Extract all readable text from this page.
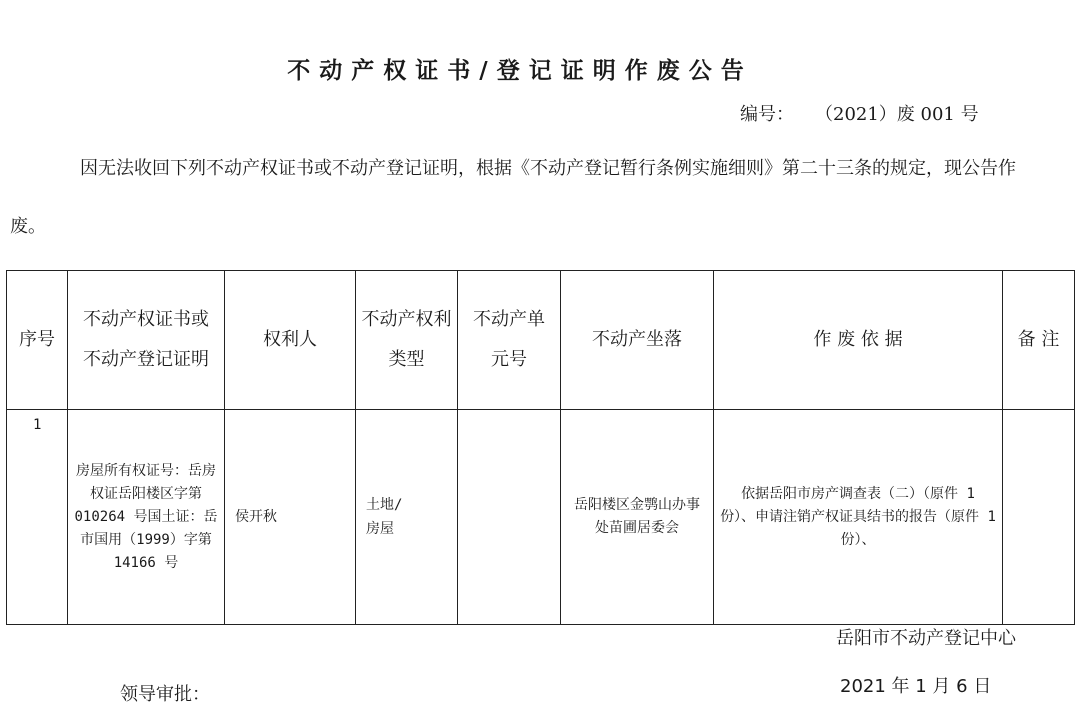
不动产权证书/登记证明作废公告
编号： （2021）废 001 号
因无法收回下列不动产权证书或不动产登记证明，根据《不动产登记暂行条例实施细则》第二十三条的规定，现公告作废。
序号	不动产权证书或不动产登记证明	权利人	不动产权利类型	不动产单元号	不动产坐落	作 废 依 据	备 注
1	房屋所有权证号：岳房权证岳阳楼区字第 010264 号国土证：岳市国用（1999）字第 14166 号	侯开秋	土地/房屋		岳阳楼区金鹗山办事处苗圃居委会	依据岳阳市房产调查表（二）（原件 1 份）、申请注销产权证具结书的报告（原件 1 份）、	
岳阳市不动产登记中心
领导审批：	2021 年 1 月 6 日
